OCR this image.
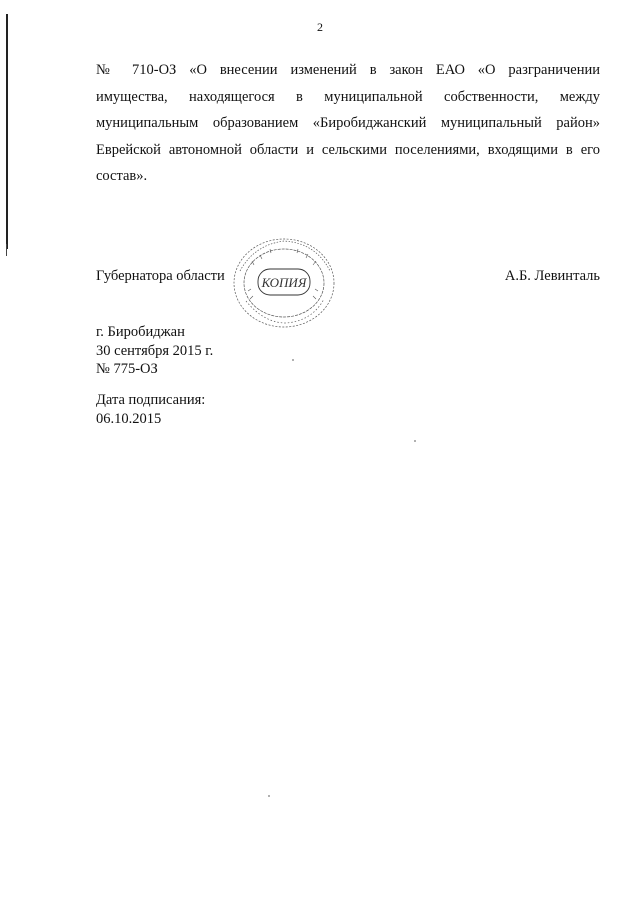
2
№ 710-ОЗ «О внесении изменений в закон ЕАО «О разграничении
имущества, находящегося в муниципальной собственности, между
муниципальным образованием «Биробиджанский муниципальный район»
Еврейской автономной области и сельскими поселениями, входящими в его
состав».
Губернатора области	А.Б. Левинталь
КОПИЯ
г. Биробиджан
30 сентября 2015 г.
№ 775-ОЗ
Дата подписания:
06.10.2015
